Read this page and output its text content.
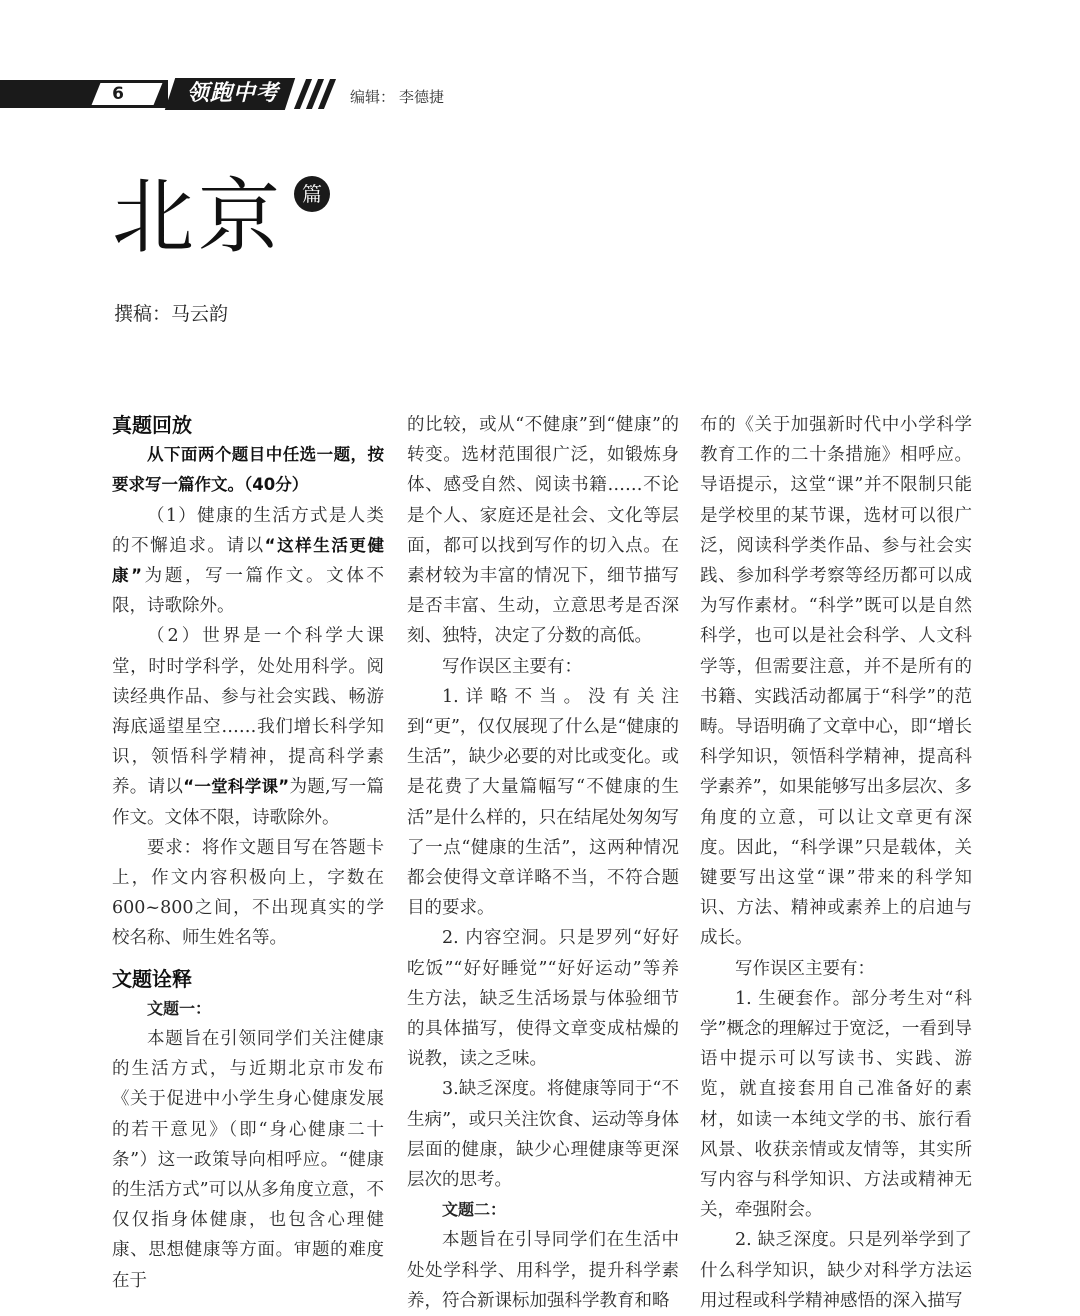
6	领跑中考	编辑： 李德捷
北京 篇
撰稿：马云韵

真题回放

从下面两个题目中任选一题，按要求写一篇作文。（40分）

（1）健康的生活方式是人类的不懈追求。请以“这样生活更健康”为题，写一篇作文。文体不限，诗歌除外。

（2）世界是一个科学大课堂，时时学科学，处处用科学。阅读经典作品、参与社会实践、畅游海底遥望星空……我们增长科学知识，领悟科学精神，提高科学素养。请以“一堂科学课”为题,写一篇作文。文体不限，诗歌除外。

要求：将作文题目写在答题卡上，作文内容积极向上，字数在600~800之间，不出现真实的学校名称、师生姓名等。

文题诠释

文题一：

本题旨在引领同学们关注健康的生活方式，与近期北京市发布《关于促进中小学生身心健康发展的若干意见》（即“身心健康二十条”）这一政策导向相呼应。“健康的生活方式”可以从多角度立意，不仅仅指身体健康，也包含心理健康、思想健康等方面。审题的难度在于

的比较，或从“不健康”到“健康”的转变。选材范围很广泛，如锻炼身体、感受自然、阅读书籍……不论是个人、家庭还是社会、文化等层面，都可以找到写作的切入点。在素材较为丰富的情况下，细节描写是否丰富、生动，立意思考是否深刻、独特，决定了分数的高低。

写作误区主要有：

1.详略不当。没有关注到“更”，仅仅展现了什么是“健康的生活”，缺少必要的对比或变化。或是花费了大量篇幅写“不健康的生活”是什么样的，只在结尾处匆匆写了一点“健康的生活”，这两种情况都会使得文章详略不当，不符合题目的要求。

2. 内容空洞。只是罗列“好好吃饭”“好好睡觉”“好好运动”等养生方法，缺乏生活场景与体验细节的具体描写，使得文章变成枯燥的说教，读之乏味。

3.缺乏深度。将健康等同于“不生病”，或只关注饮食、运动等身体层面的健康，缺少心理健康等更深层次的思考。

文题二：

本题旨在引导同学们在生活中处处学科学、用科学，提升科学素养，符合新课标加强科学教育和略

布的《关于加强新时代中小学科学教育工作的二十条措施》相呼应。导语提示，这堂“课”并不限制只能是学校里的某节课，选材可以很广泛，阅读科学类作品、参与社会实践、参加科学考察等经历都可以成为写作素材。“科学”既可以是自然科学，也可以是社会科学、人文科学等，但需要注意，并不是所有的书籍、实践活动都属于“科学”的范畴。导语明确了文章中心，即“增长科学知识，领悟科学精神，提高科学素养”，如果能够写出多层次、多角度的立意，可以让文章更有深度。因此，“科学课”只是载体，关键要写出这堂“课”带来的科学知识、方法、精神或素养上的启迪与成长。

写作误区主要有：

1. 生硬套作。部分考生对“科学”概念的理解过于宽泛，一看到导语中提示可以写读书、实践、游览，就直接套用自己准备好的素材，如读一本纯文学的书、旅行看风景、收获亲情或友情等，其实所写内容与科学知识、方法或精神无关，牵强附会。

2. 缺乏深度。只是列举学到了什么科学知识，缺少对科学方法运用过程或科学精神感悟的深入描写
